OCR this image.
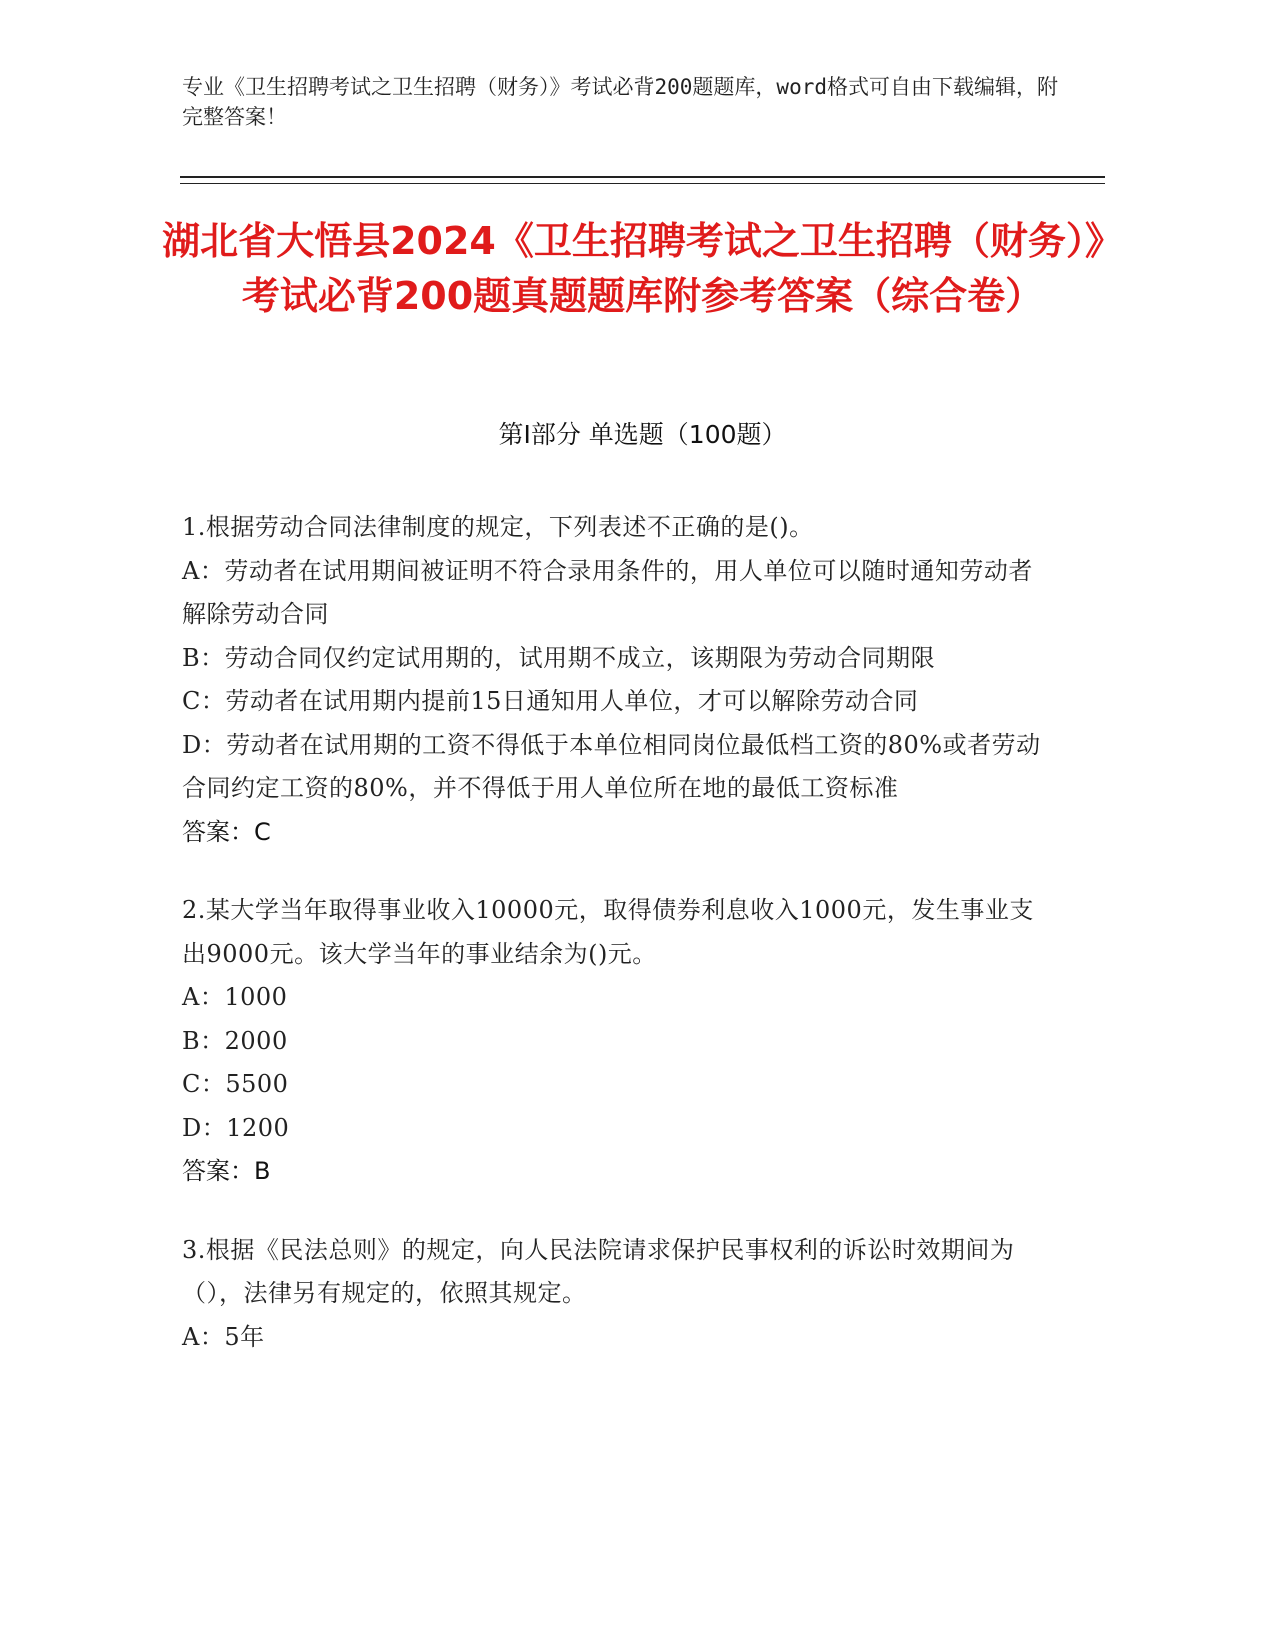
专业《卫生招聘考试之卫生招聘（财务）》考试必背200题题库，word格式可自由下载编辑，附完整答案！
湖北省大悟县2024《卫生招聘考试之卫生招聘（财务）》考试必背200题真题题库附参考答案（综合卷）
第Ⅰ部分 单选题（100题）
1.根据劳动合同法律制度的规定，下列表述不正确的是()。
A：劳动者在试用期间被证明不符合录用条件的，用人单位可以随时通知劳动者解除劳动合同
B：劳动合同仅约定试用期的，试用期不成立，该期限为劳动合同期限
C：劳动者在试用期内提前15日通知用人单位，才可以解除劳动合同
D：劳动者在试用期的工资不得低于本单位相同岗位最低档工资的80%或者劳动合同约定工资的80%，并不得低于用人单位所在地的最低工资标准
答案：C
2.某大学当年取得事业收入10000元，取得债券利息收入1000元，发生事业支出9000元。该大学当年的事业结余为()元。
A：1000
B：2000
C：5500
D：1200
答案：B
3.根据《民法总则》的规定，向人民法院请求保护民事权利的诉讼时效期间为（），法律另有规定的，依照其规定。
A：5年
